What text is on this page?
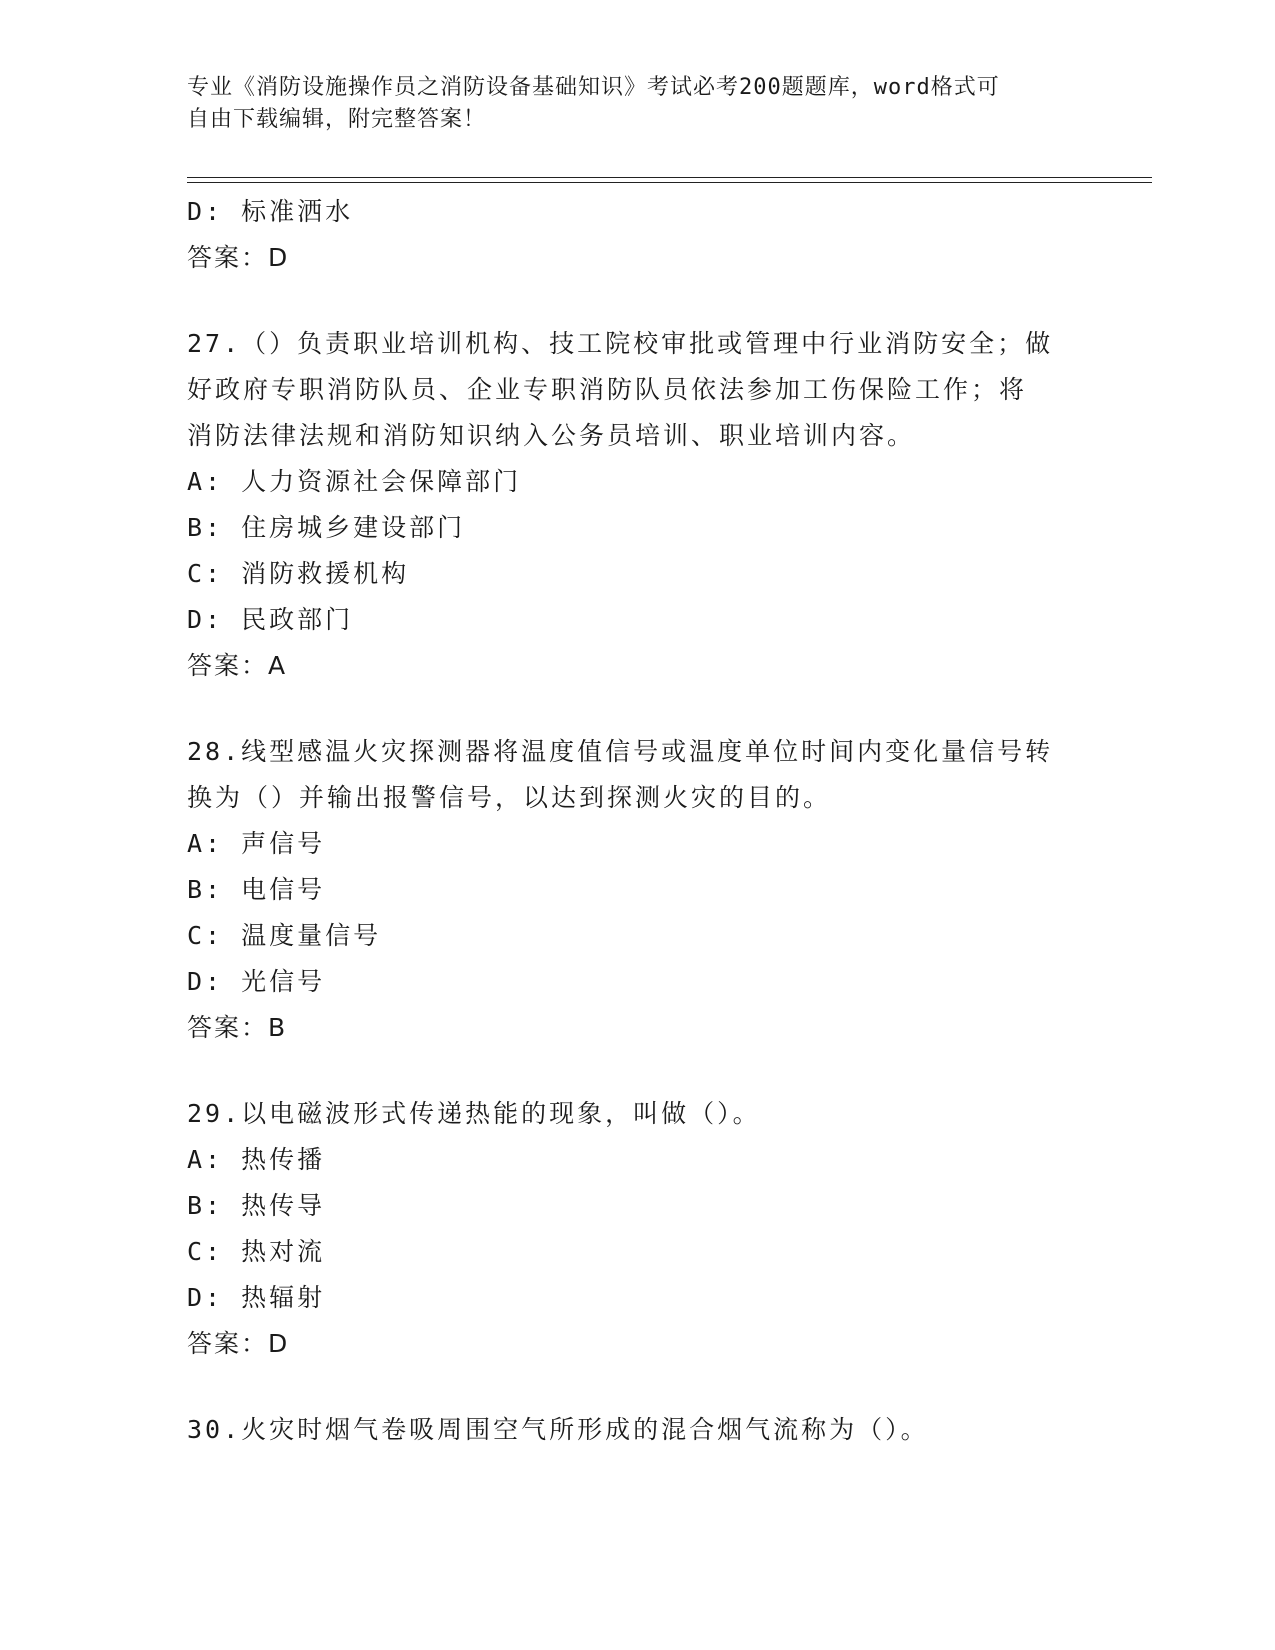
专业《消防设施操作员之消防设备基础知识》考试必考200题题库，word格式可
自由下载编辑，附完整答案！
D: 标准洒水
答案：D
27.（）负责职业培训机构、技工院校审批或管理中行业消防安全；做
好政府专职消防队员、企业专职消防队员依法参加工伤保险工作；将
消防法律法规和消防知识纳入公务员培训、职业培训内容。
A: 人力资源社会保障部门
B: 住房城乡建设部门
C: 消防救援机构
D: 民政部门
答案：A
28.线型感温火灾探测器将温度值信号或温度单位时间内变化量信号转
换为（）并输出报警信号，以达到探测火灾的目的。
A: 声信号
B: 电信号
C: 温度量信号
D: 光信号
答案：B
29.以电磁波形式传递热能的现象，叫做（）。
A: 热传播
B: 热传导
C: 热对流
D: 热辐射
答案：D
30.火灾时烟气卷吸周围空气所形成的混合烟气流称为（）。
